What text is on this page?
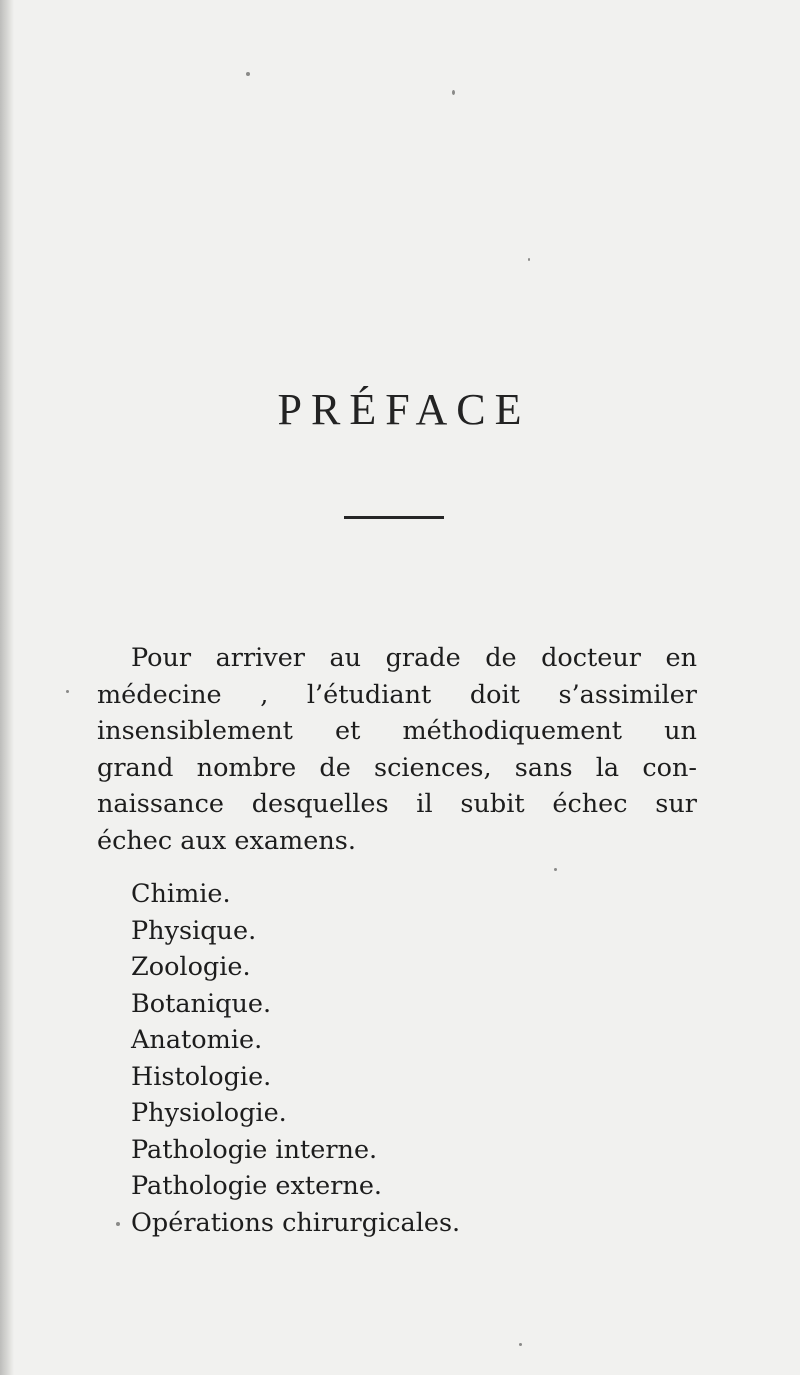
PRÉFACE

Pour arriver au grade de docteur en
médecine , l’étudiant doit s’assimiler
insensiblement et méthodiquement un
grand nombre de sciences, sans la con-
naissance desquelles il subit échec sur
échec aux examens.

Chimie.
Physique.
Zoologie.
Botanique.
Anatomie.
Histologie.
Physiologie.
Pathologie interne.
Pathologie externe.
Opérations chirurgicales.
